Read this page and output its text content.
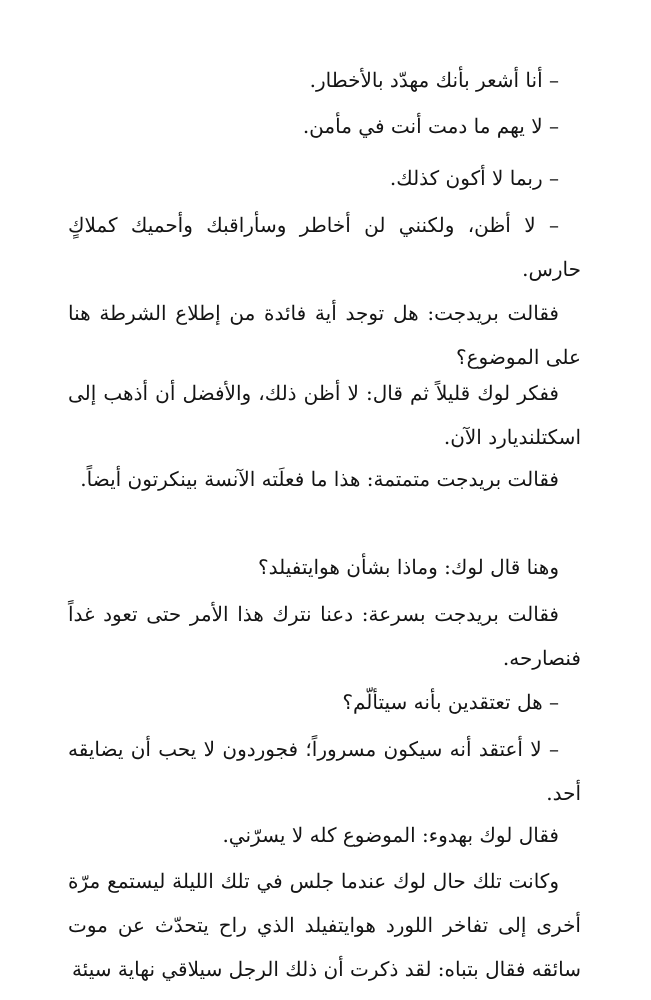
– أنا أشعر بأنك مهدّد بالأخطار.
– لا يهم ما دمت أنت في مأمن.
– ربما لا أكون كذلك.
– لا أظن، ولكنني لن أخاطر وسأراقبك وأحميك كملاكٍ حارس.
فقالت بريدجت: هل توجد أية فائدة من إطلاع الشرطة هنا على الموضوع؟
ففكر لوك قليلاً ثم قال: لا أظن ذلك، والأفضل أن أذهب إلى اسكتلنديارد الآن.
فقالت بريدجت متمتمة: هذا ما فعلَته الآنسة بينكرتون أيضاً.
وهنا قال لوك: وماذا بشأن هوايتفيلد؟
فقالت بريدجت بسرعة: دعنا نترك هذا الأمر حتى تعود غداً فنصارحه.
– هل تعتقدين بأنه سيتألّم؟
– لا أعتقد أنه سيكون مسروراً؛ فجوردون لا يحب أن يضايقه أحد.
فقال لوك بهدوء: الموضوع كله لا يسرّني.
وكانت تلك حال لوك عندما جلس في تلك الليلة ليستمع مرّة أخرى إلى تفاخر اللورد هوايتفيلد الذي راح يتحدّث عن موت سائقه فقال بتباه: لقد ذكرت أن ذلك الرجل سيلاقي نهاية سيئة
